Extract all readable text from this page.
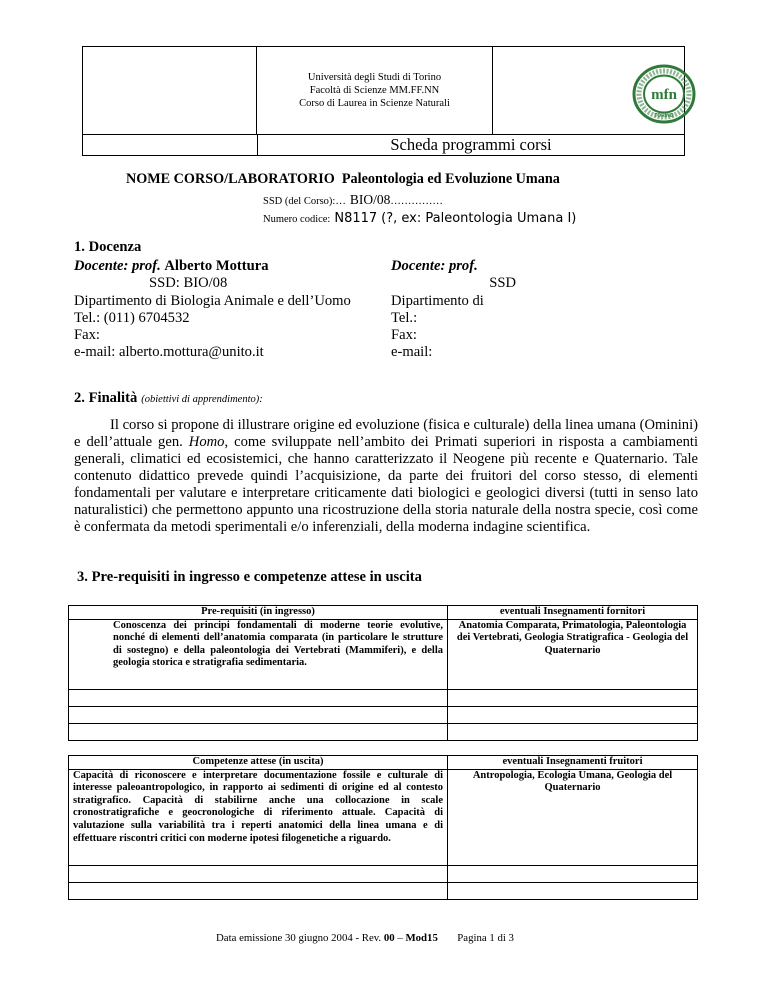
Università degli Studi di Torino
Facoltà di Scienze MM.FF.NN
Corso di Laurea in Scienze Naturali
mfn
TORINO
Scheda programmi corsi
NOME CORSO/LABORATORIO Paleontologia ed Evoluzione Umana
SSD (del Corso):… BIO/08……………
Numero codice: N8117 (?, ex: Paleontologia Umana I)
1. Docenza
Docente: prof. Alberto Mottura
SSD: BIO/08
Dipartimento di Biologia Animale e dell’Uomo
Tel.: (011) 6704532
Fax:
e-mail: alberto.mottura@unito.it
Docente: prof.
SSD
Dipartimento di
Tel.:
Fax:
e-mail:
2. Finalità (obiettivi di apprendimento):

Il corso si propone di illustrare origine ed evoluzione (fisica e culturale) della linea umana (Ominini) e dell’attuale gen. Homo, come sviluppate nell’ambito dei Primati superiori in risposta a cambiamenti generali, climatici ed ecosistemici, che hanno caratterizzato il Neogene più recente e Quaternario. Tale contenuto didattico prevede quindi l’acquisizione, da parte dei fruitori del corso stesso, di elementi fondamentali per valutare e interpretare criticamente dati biologici e geologici diversi (tutti in senso lato naturalistici) che permettono appunto una ricostruzione della storia naturale della nostra specie, così come è confermata da metodi sperimentali e/o inferenziali, della moderna indagine scientifica.

3. Pre-requisiti in ingresso e competenze attese in uscita
Pre-requisiti (in ingresso)	eventuali Insegnamenti fornitori
Conoscenza dei principi fondamentali di moderne teorie evolutive, nonché di elementi dell’anatomia comparata (in particolare le strutture di sostegno) e della paleontologia dei Vertebrati (Mammiferi), e della geologia storica e stratigrafia sedimentaria.	Anatomia Comparata, Primatologia, Paleontologia dei Vertebrati, Geologia Stratigrafica - Geologia del Quaternario

Competenze attese (in uscita)	eventuali Insegnamenti fruitori
Capacità di riconoscere e interpretare documentazione fossile e culturale di interesse paleoantropologico, in rapporto ai sedimenti di origine ed al contesto stratigrafico. Capacità di stabilirne anche una collocazione in scale cronostratigrafiche e geocronologiche di riferimento attuale. Capacità di valutazione sulla variabilità tra i reperti anatomici della linea umana e di effettuare riscontri critici con moderne ipotesi filogenetiche a riguardo.	Antropologia, Ecologia Umana, Geologia del Quaternario

Data emissione 30 giugno 2004 - Rev. 00 – Mod15 Pagina 1 di 3
